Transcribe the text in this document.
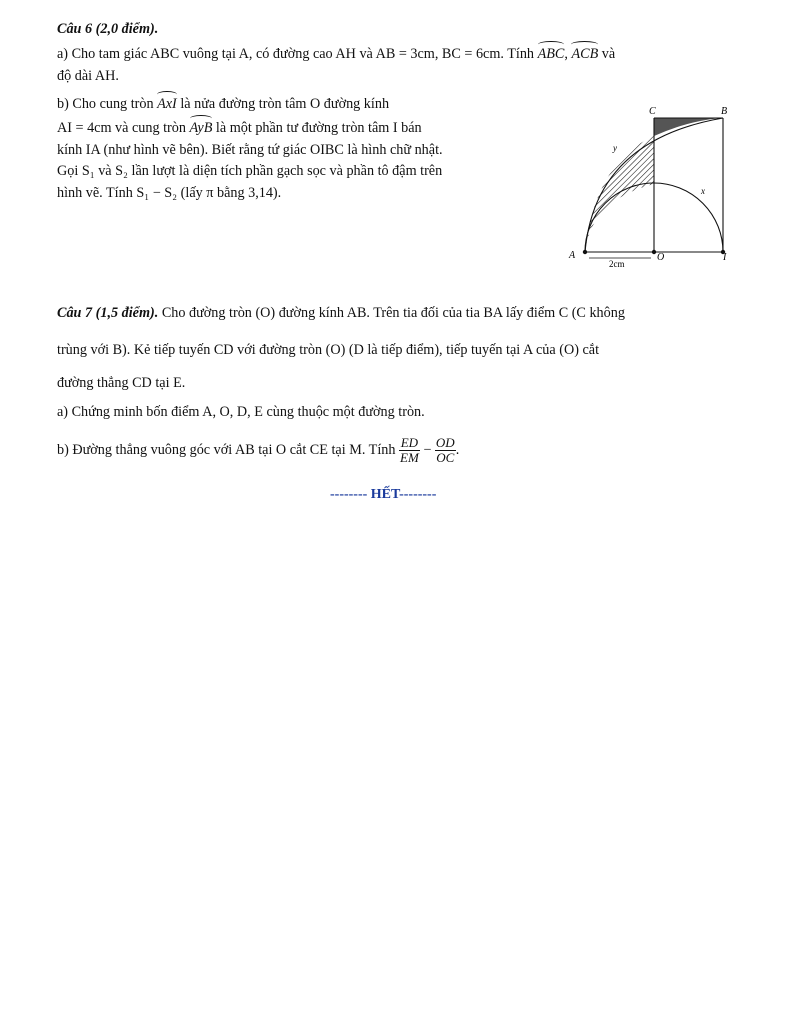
Câu 6 (2,0 điểm).
a) Cho tam giác ABC vuông tại A, có đường cao AH và AB = 3cm, BC = 6cm. Tính ABC, ACB và
độ dài AH.
b) Cho cung tròn AxI là nửa đường tròn tâm O đường kính
AI = 4cm và cung tròn AyB là một phần tư đường tròn tâm I bán
kính IA (như hình vẽ bên). Biết rằng tứ giác OIBC là hình chữ nhật.
Gọi S₁ và S₂ lần lượt là diện tích phần gạch sọc và phần tô đậm trên
hình vẽ. Tính S₁ − S₂ (lấy π bằng 3,14).
A	O	I
B
C
x
y
2cm
Câu 7 (1,5 điểm). Cho đường tròn (O) đường kính AB. Trên tia đối của tia BA lấy điểm C (C không
trùng với B). Kẻ tiếp tuyến CD với đường tròn (O) (D là tiếp điểm), tiếp tuyến tại A của (O) cắt
đường thẳng CD tại E.
a) Chứng minh bốn điểm A, O, D, E cùng thuộc một đường tròn.
b) Đường thẳng vuông góc với AB tại O cắt CE tại M. Tính $\frac{ED}{EM} - \frac{OD}{OC}$ .
-------- HẾT--------
